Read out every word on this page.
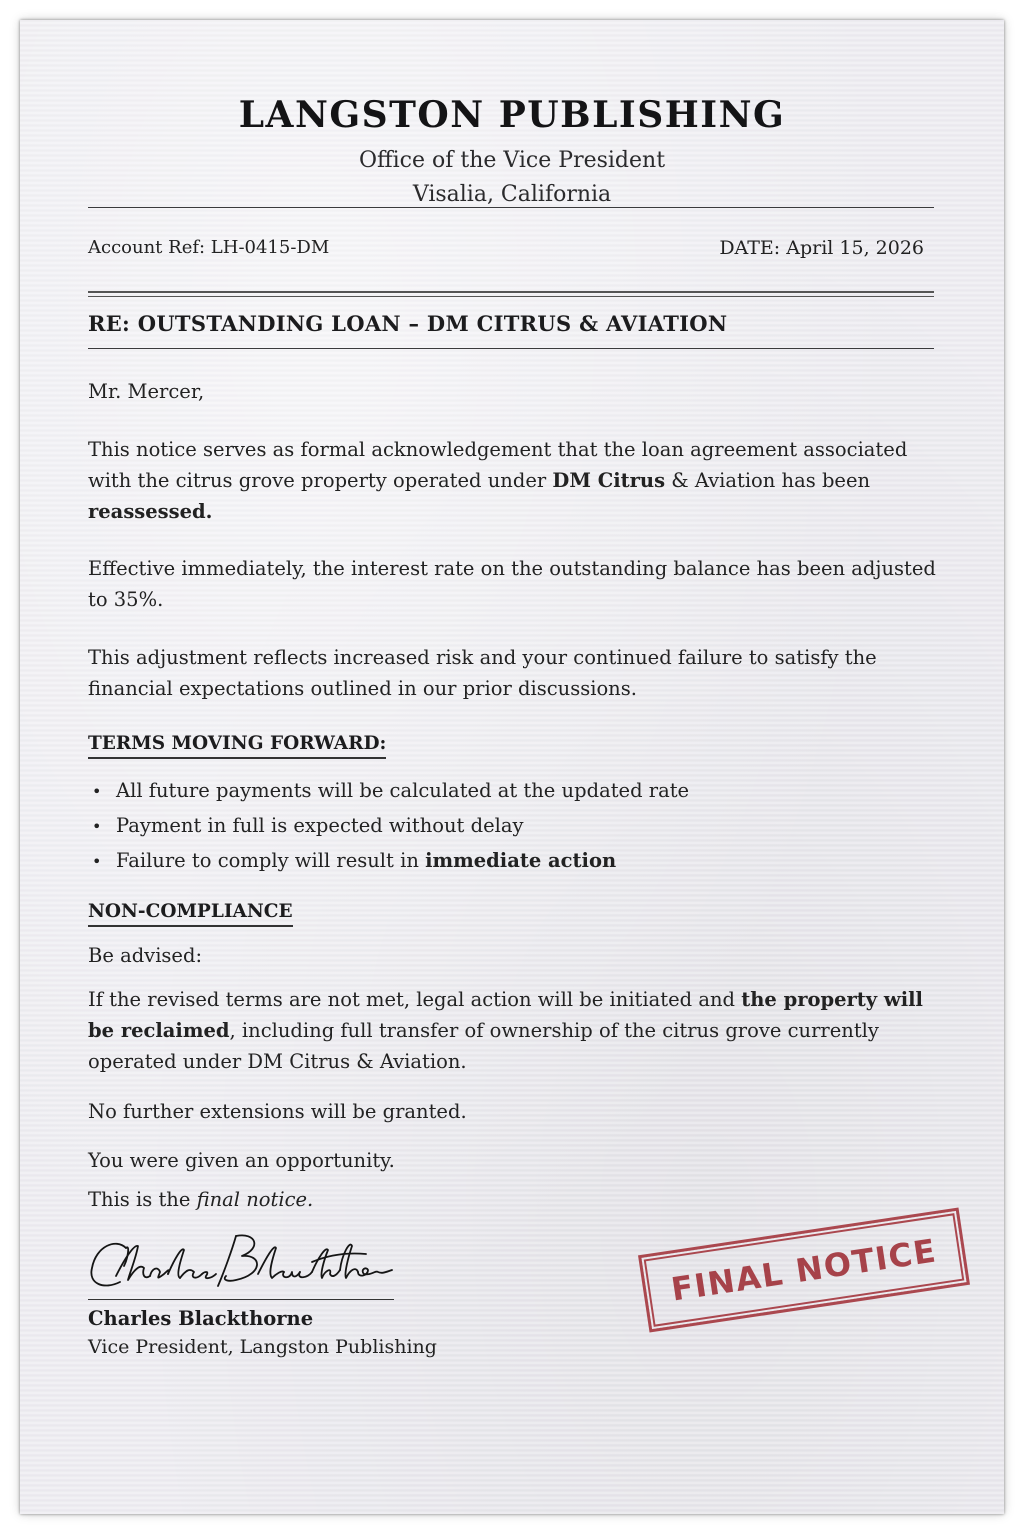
LANGSTON PUBLISHING
Office of the Vice President
Visalia, California
Account Ref: LH-0415-DM	DATE: April 15, 2026
RE: OUTSTANDING LOAN – DM CITRUS & AVIATION
Mr. Mercer,
This notice serves as formal acknowledgement that the loan agreement associated with the citrus grove property operated under DM Citrus & Aviation has been reassessed.
Effective immediately, the interest rate on the outstanding balance has been adjusted to 35%.
This adjustment reflects increased risk and your continued failure to satisfy the financial expectations outlined in our prior discussions.
TERMS MOVING FORWARD:
• All future payments will be calculated at the updated rate
• Payment in full is expected without delay
• Failure to comply will result in immediate action
NON-COMPLIANCE
Be advised:
If the revised terms are not met, legal action will be initiated and the property will be reclaimed, including full transfer of ownership of the citrus grove currently operated under DM Citrus & Aviation.
No further extensions will be granted.
You were given an opportunity.
This is the final notice.
Charles Blackthorne
Vice President, Langston Publishing
FINAL NOTICE
